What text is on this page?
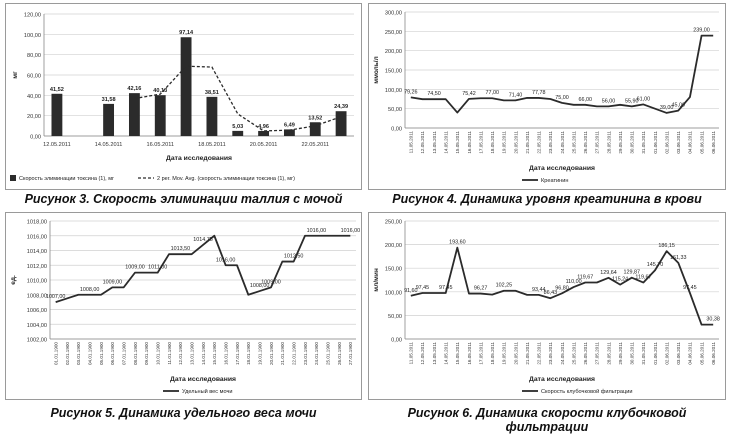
0,00
20,00
40,00
60,00
80,00
100,00
120,00
мг
41,52
31,58
42,16 40,13
97,14
38,51
5,03	4,96	6,49
13,52
24,39
12.05.2011	14.05.2011	16.05.2011	18.05.2011	20.05.2011	22.05.2011
Дата исследования
Скорость элиминации токсина (1), мг	2 per. Mov. Avg. (скорость элиминации токсина (1), мг)
Рисунок 3. Скорость элиминации таллия с мочой
0,00
50,00
100,00
150,00
200,00
250,00
300,00
ммоль/л
11.05.2011 12.05.2011 13.05.2011 14.05.2011 15.05.2011 16.05.2011 17.05.2011 18.05.2011 19.05.2011 20.05.2011 21.05.2011 22.05.2011 23.05.2011 24.05.2011 25.05.2011 26.05.2011 27.05.2011 28.05.2011 29.05.2011 30.05.2011 31.05.2011 01.06.2011 02.06.2011 03.06.2011 04.06.2011 05.06.2011 06.06.2011
79,26 74,50	75,42 77,00 71,40 77,78
75,00 66,00 56,00 55,90
61,00
39,00
45,00
239,00
Дата исследования
Креатинин
Рисунок 4. Динамика уровня креатинина в крови
1002,00
1004,00
1006,00
1008,00
1010,00
1012,00
1014,00
1016,00
1018,00
ед.
01.01.1900 02.01.1900 03.01.1900 04.01.1900 05.01.1900 06.01.1900 07.01.1900 08.01.1900 09.01.1900 10.01.1900 11.01.1900 12.01.1900 13.01.1900 14.01.1900 15.01.1900 16.01.1900 17.01.1900 18.01.1900 19.01.1900 20.01.1900 21.01.1900 22.01.1900 23.01.1900 24.01.1900 25.01.1900 26.01.1900 27.01.1900
1007,00
1008,00
1009,00
1009,00 1011,00
1013,50
1014,75
1016,00
1008,00
1009,00
1012,50
1016,00	1016,00
Дата исследования
Удельный вес мочи
Рисунок 5. Динамика удельного веса мочи
0,00
50,00
100,00
150,00
200,00
250,00
мл/мин
11.05.2011 12.05.2011 13.05.2011 14.05.2011 15.05.2011 16.05.2011 17.05.2011 18.05.2011 19.05.2011 20.05.2011 21.05.2011 22.05.2011 23.05.2011 24.05.2011 25.05.2011 26.05.2011 27.05.2011 28.05.2011 29.05.2011 30.05.2011 31.05.2011 01.06.2011 02.06.2011 03.06.2011 04.06.2011 05.06.2011 06.06.2011
91,60
97,45 97,45
193,60
96,27 102,25
93,44
86,43
96,80
110,00
119,67
129,64
115,24
129,87
119,67
145,70
186,15
161,33
97,45
30,38
Дата исследования
Скорость клубочковой фильтрации
Рисунок 6. Динамика скорости клубочковой фильтрации
